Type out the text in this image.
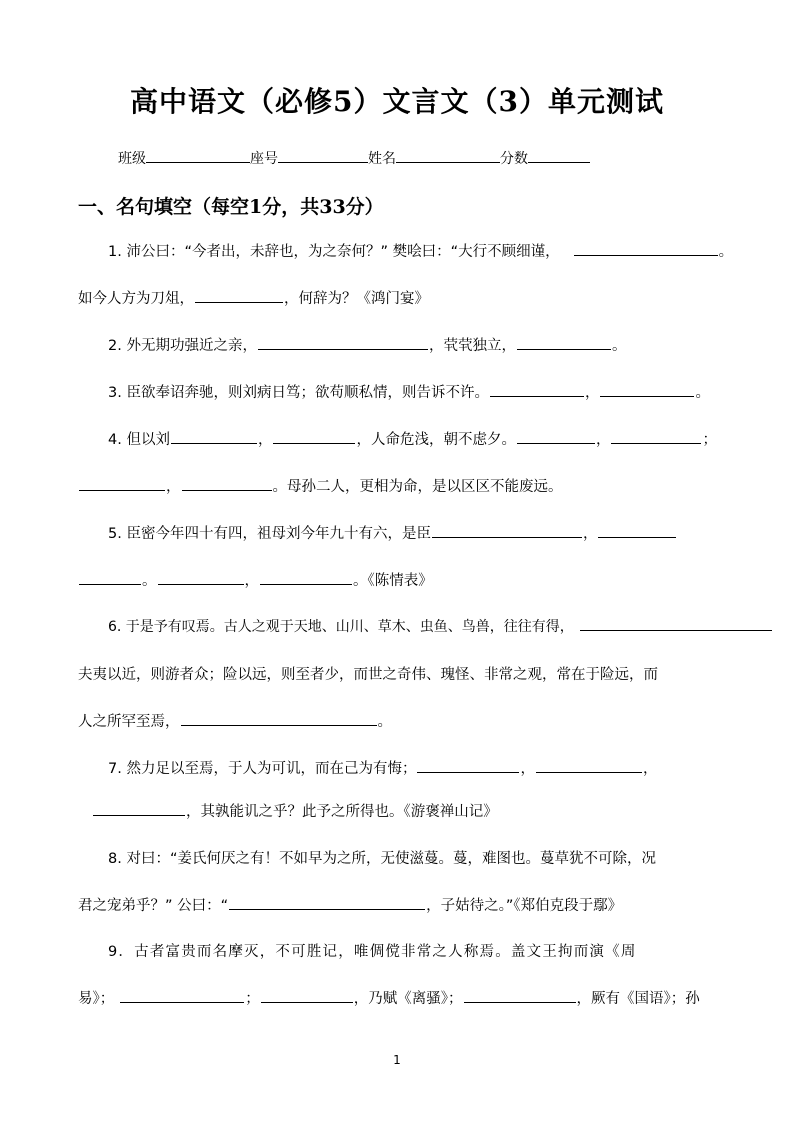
高中语文（必修5）文言文（3）单元测试
班级	座号	姓名	分数
一、名句填空（每空1分，共33分）
1. 沛公曰：“今者出，未辞也，为之奈何？” 樊哙曰：“大行不顾细谨，	。
如今人方为刀俎，	，何辞为？《鸿门宴》
2. 外无期功强近之亲，	，茕茕独立，	。
3. 臣欲奉诏奔驰，则刘病日笃；欲苟顺私情，则告诉不许。	，	。
4. 但以刘	，	，人命危浅，朝不虑夕。	，	；
，	。母孙二人，更相为命，是以区区不能废远。
5. 臣密今年四十有四，祖母刘今年九十有六，是臣	，
。	，	。《陈情表》
6. 于是予有叹焉。古人之观于天地、山川、草木、虫鱼、鸟兽，往往有得，
夫夷以近，则游者众；险以远，则至者少，而世之奇伟、瑰怪、非常之观，常在于险远，而
人之所罕至焉，	。
7. 然力足以至焉，于人为可讥，而在己为有悔；	，	，
，其孰能讥之乎？此予之所得也。《游褒禅山记》
8. 对曰：“姜氏何厌之有！不如早为之所，无使滋蔓。蔓，难图也。蔓草犹不可除，况
君之宠弟乎？” 公曰：“	，子姑待之。”《郑伯克段于鄢》
9．古者富贵而名摩灭，不可胜记，唯倜傥非常之人称焉。盖文王拘而演《周
易》；	；	，乃赋《离骚》；	，厥有《国语》；孙
1
